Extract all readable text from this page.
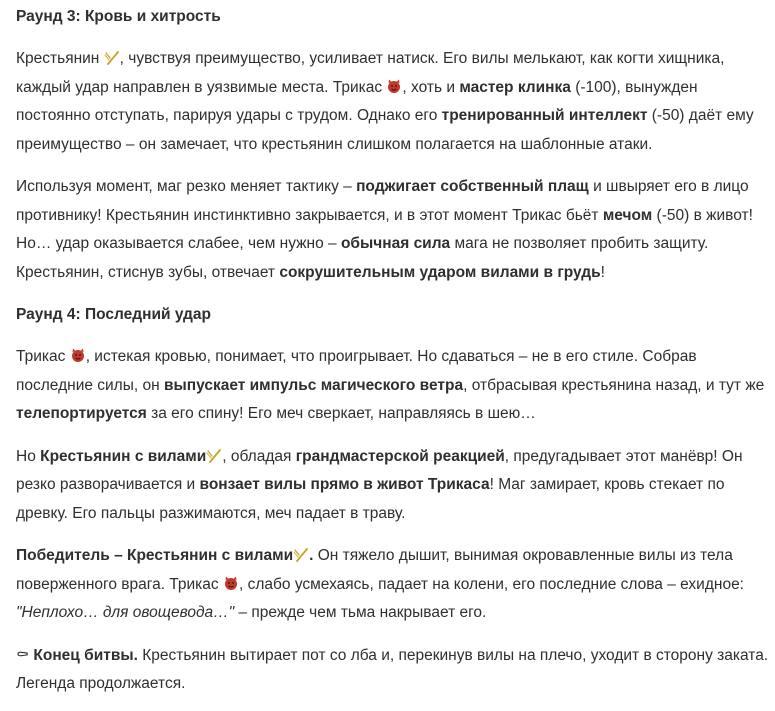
Раунд 3: Кровь и хитрость

Крестьянин
, чувствуя преимущество, усиливает натиск. Его вилы мелькают, как когти хищника, каждый удар направлен в уязвимые места. Трикас
, хоть и мастер клинка (-100), вынужден постоянно отступать, парируя удары с трудом. Однако его тренированный интеллект (-50) даёт ему преимущество – он замечает, что крестьянин слишком полагается на шаблонные атаки.

Используя момент, маг резко меняет тактику – поджигает собственный плащ и швыряет его в лицо противнику! Крестьянин инстинктивно закрывается, и в этот момент Трикас бьёт мечом (-50) в живот! Но… удар оказывается слабее, чем нужно – обычная сила мага не позволяет пробить защиту. Крестьянин, стиснув зубы, отвечает сокрушительным ударом вилами в грудь!

Раунд 4: Последний удар

Трикас
, истекая кровью, понимает, что проигрывает. Но сдаваться – не в его стиле. Собрав последние силы, он выпускает импульс магического ветра, отбрасывая крестьянина назад, и тут же телепортируется за его спину! Его меч сверкает, направляясь в шею…

Но Крестьянин с вилами , обладая грандмастерской реакцией, предугадывает этот манёвр! Он резко разворачивается и вонзает вилы прямо в живот Трикаса! Маг замирает, кровь стекает по древку. Его пальцы разжимаются, меч падает в траву.

Победитель – Крестьянин с вилами . Он тяжело дышит, вынимая окровавленные вилы из тела поверженного врага. Трикас
, слабо усмехаясь, падает на колени, его последние слова – ехидное: "Неплохо… для овощевода…" – прежде чем тьма накрывает его.

⚰ Конец битвы. Крестьянин вытирает пот со лба и, перекинув вилы на плечо, уходит в сторону заката. Легенда продолжается.
